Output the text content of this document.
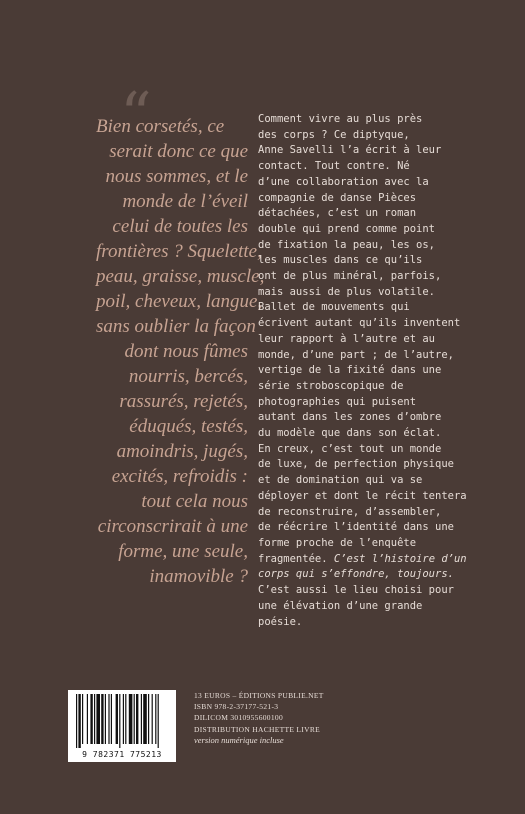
“
Bien corsetés, ce
serait donc ce que
nous sommes, et le
monde de l’éveil
celui de toutes les
frontières ? Squelette,
peau, graisse, muscle,
poil, cheveux, langue,
sans oublier la façon
dont nous fûmes
nourris, bercés,
rassurés, rejetés,
éduqués, testés,
amoindris, jugés,
excités, refroidis :
tout cela nous
circonscrirait à une
forme, une seule,
inamovible ?
Comment vivre au plus près
des corps ? Ce diptyque,
Anne Savelli l’a écrit à leur
contact. Tout contre. Né
d’une collaboration avec la
compagnie de danse Pièces
détachées, c’est un roman
double qui prend comme point
de fixation la peau, les os,
les muscles dans ce qu’ils
ont de plus minéral, parfois,
mais aussi de plus volatile.
Ballet de mouvements qui
écrivent autant qu’ils inventent
leur rapport à l’autre et au
monde, d’une part ; de l’autre,
vertige de la fixité dans une
série stroboscopique de
photographies qui puisent
autant dans les zones d’ombre
du modèle que dans son éclat.
En creux, c’est tout un monde
de luxe, de perfection physique
et de domination qui va se
déployer et dont le récit tentera
de reconstruire, d’assembler,
de réécrire l’identité dans une
forme proche de l’enquête
fragmentée. C’est l’histoire d’un
corps qui s’effondre, toujours.
C’est aussi le lieu choisi pour
une élévation d’une grande
poésie.
9 782371 775213
13 EUROS – ÉDITIONS PUBLIE.NET
ISBN 978-2-37177-521-3
DILICOM 3010955600100
DISTRIBUTION HACHETTE LIVRE
version numérique incluse
